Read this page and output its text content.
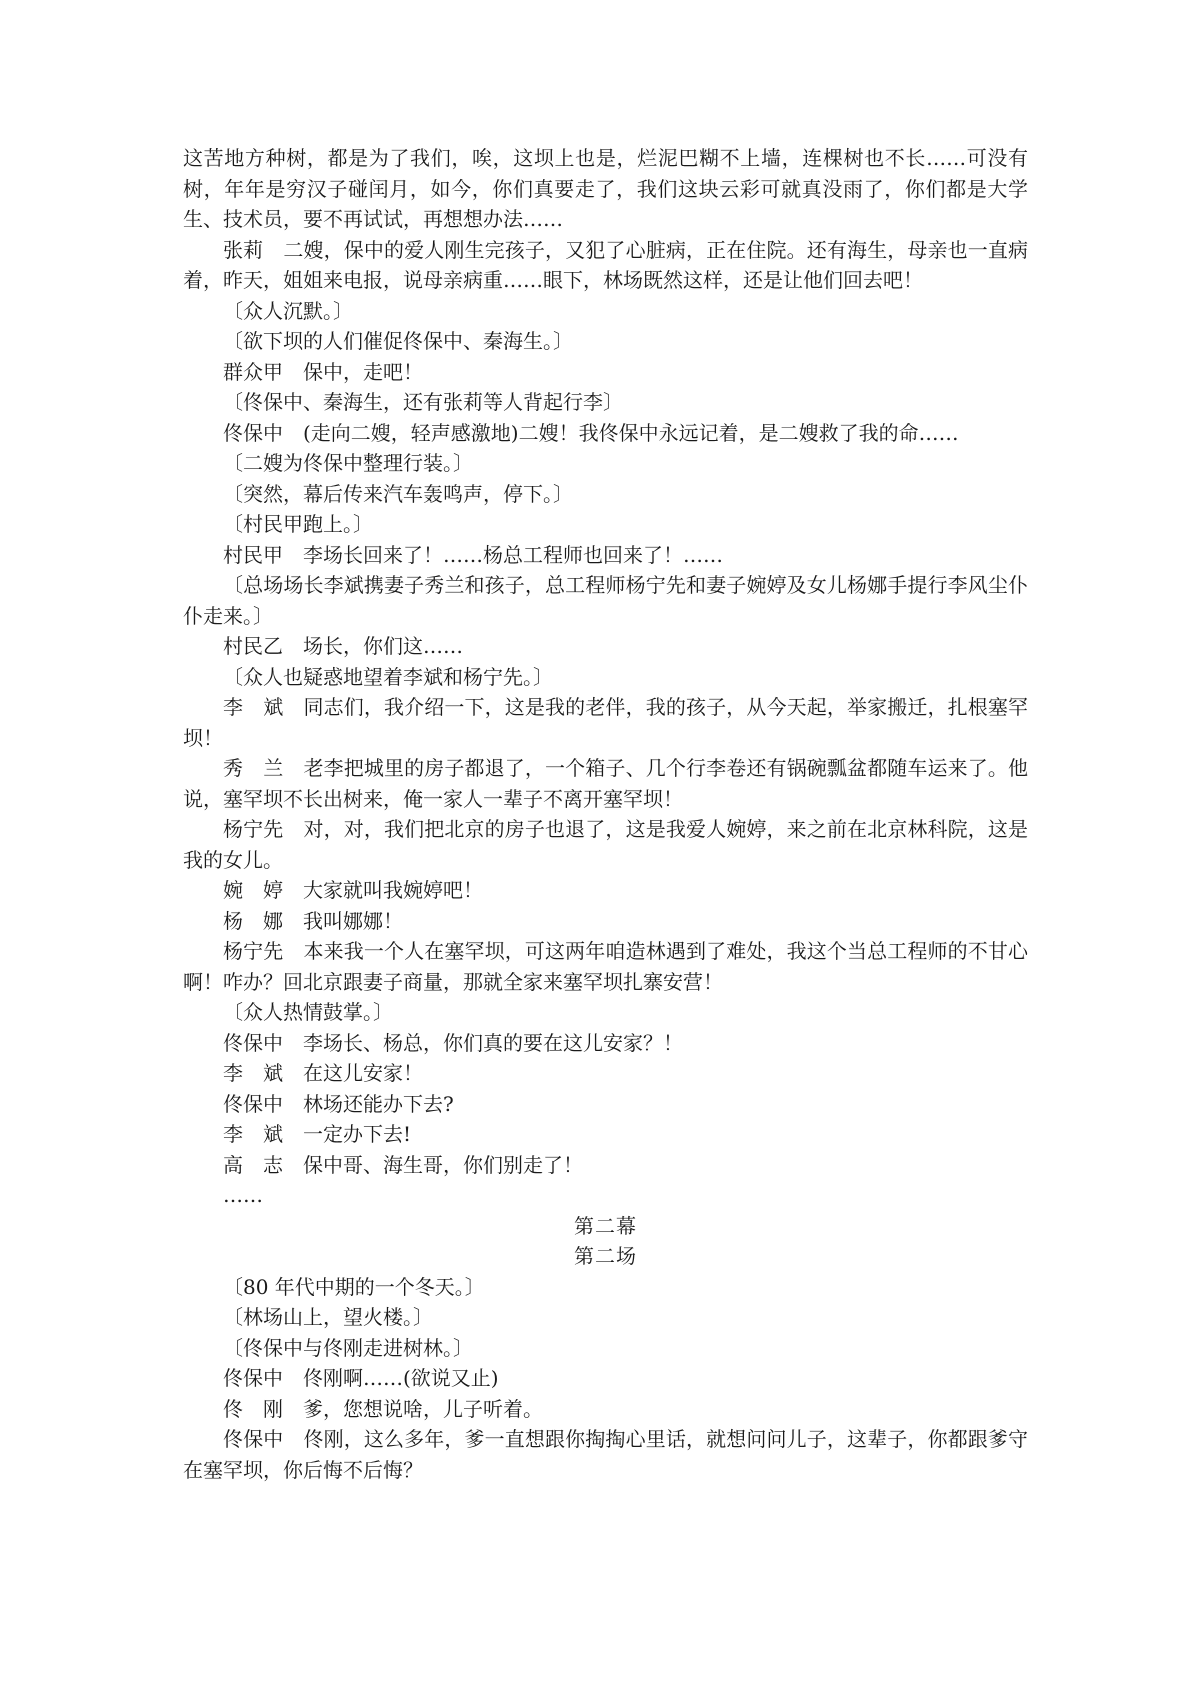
这苦地方种树，都是为了我们，唉，这坝上也是，烂泥巴糊不上墙，连棵树也不长……可没有树，年年是穷汉子碰闰月，如今，你们真要走了，我们这块云彩可就真没雨了，你们都是大学生、技术员，要不再试试，再想想办法……

张莉　二嫂，保中的爱人刚生完孩子，又犯了心脏病，正在住院。还有海生，母亲也一直病着，昨天，姐姐来电报，说母亲病重……眼下，林场既然这样，还是让他们回去吧！

〔众人沉默。〕

〔欲下坝的人们催促佟保中、秦海生。〕

群众甲　保中，走吧！

〔佟保中、秦海生，还有张莉等人背起行李〕

佟保中　(走向二嫂，轻声感激地)二嫂！我佟保中永远记着，是二嫂救了我的命……

〔二嫂为佟保中整理行装。〕

〔突然，幕后传来汽车轰鸣声，停下。〕

〔村民甲跑上。〕

村民甲　李场长回来了！……杨总工程师也回来了！……

〔总场场长李斌携妻子秀兰和孩子，总工程师杨宁先和妻子婉婷及女儿杨娜手提行李风尘仆仆走来。〕

村民乙　场长，你们这……

〔众人也疑惑地望着李斌和杨宁先。〕

李　斌　同志们，我介绍一下，这是我的老伴，我的孩子，从今天起，举家搬迁，扎根塞罕坝！

秀　兰　老李把城里的房子都退了，一个箱子、几个行李卷还有锅碗瓢盆都随车运来了。他说，塞罕坝不长出树来，俺一家人一辈子不离开塞罕坝！

杨宁先　对，对，我们把北京的房子也退了，这是我爱人婉婷，来之前在北京林科院，这是我的女儿。

婉　婷　大家就叫我婉婷吧！

杨　娜　我叫娜娜！

杨宁先　本来我一个人在塞罕坝，可这两年咱造林遇到了难处，我这个当总工程师的不甘心啊！咋办？回北京跟妻子商量，那就全家来塞罕坝扎寨安营！

〔众人热情鼓掌。〕

佟保中　李场长、杨总，你们真的要在这儿安家？！

李　斌　在这儿安家！

佟保中　林场还能办下去?

李　斌　一定办下去!

高　志　保中哥、海生哥，你们别走了！

……

第二幕

第二场

〔80 年代中期的一个冬天。〕

〔林场山上，望火楼。〕

〔佟保中与佟刚走进树林。〕

佟保中　佟刚啊……(欲说又止)

佟　刚　爹，您想说啥，儿子听着。

佟保中　佟刚，这么多年，爹一直想跟你掏掏心里话，就想问问儿子，这辈子，你都跟爹守在塞罕坝，你后悔不后悔？
